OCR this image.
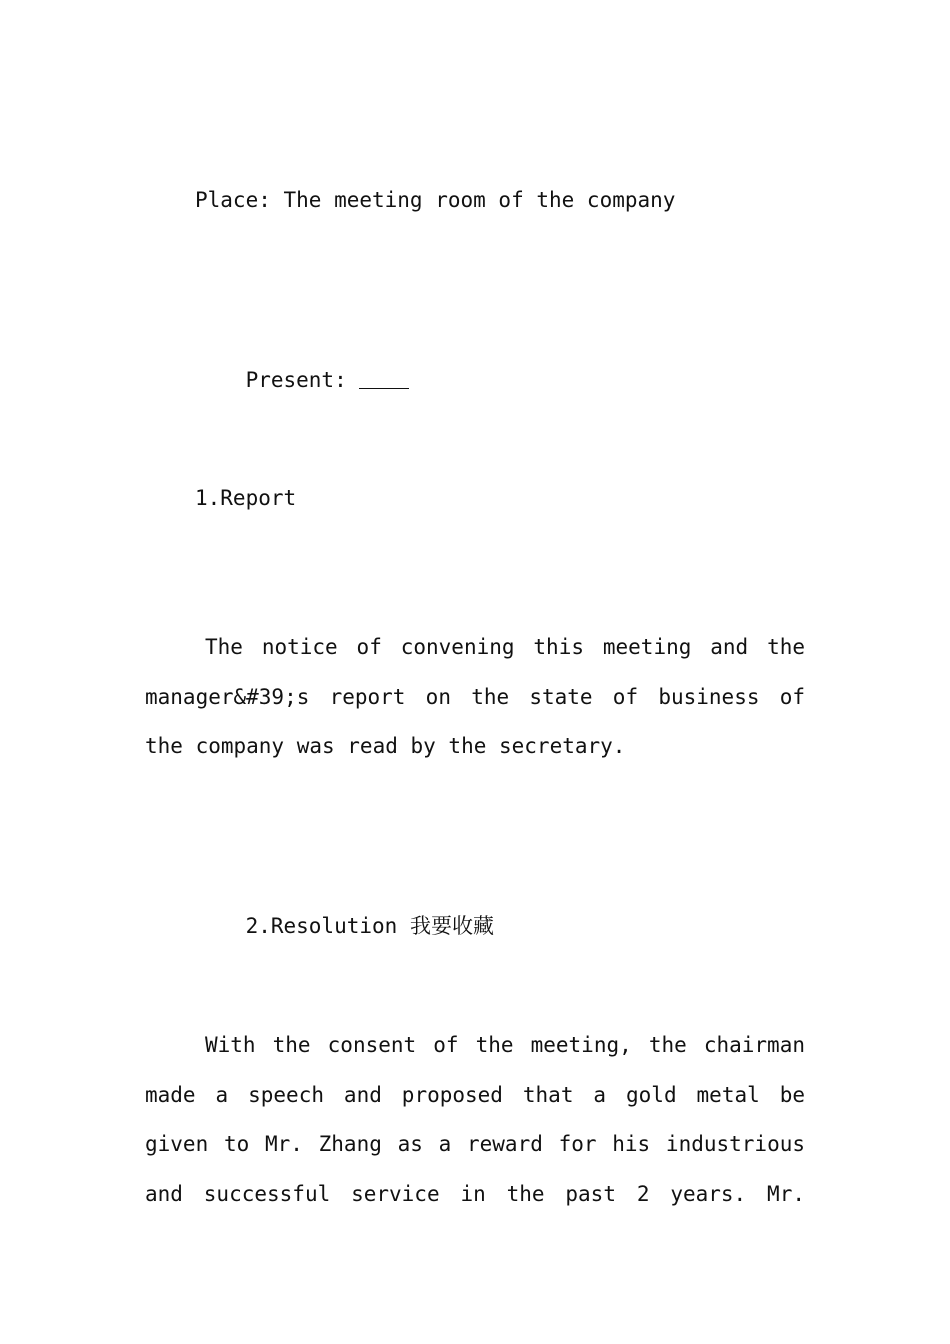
Place: The meeting room of the company

Present:

1.Report
The notice of convening this meeting and the
manager&#39;s report on the state of business of
the company was read by the secretary.

2.Resolution 我要收藏

With the consent of the meeting, the chairman
made a speech and proposed that a gold metal be
given to Mr. Zhang as a reward for his industrious
and successful service in the past 2 years. Mr.
